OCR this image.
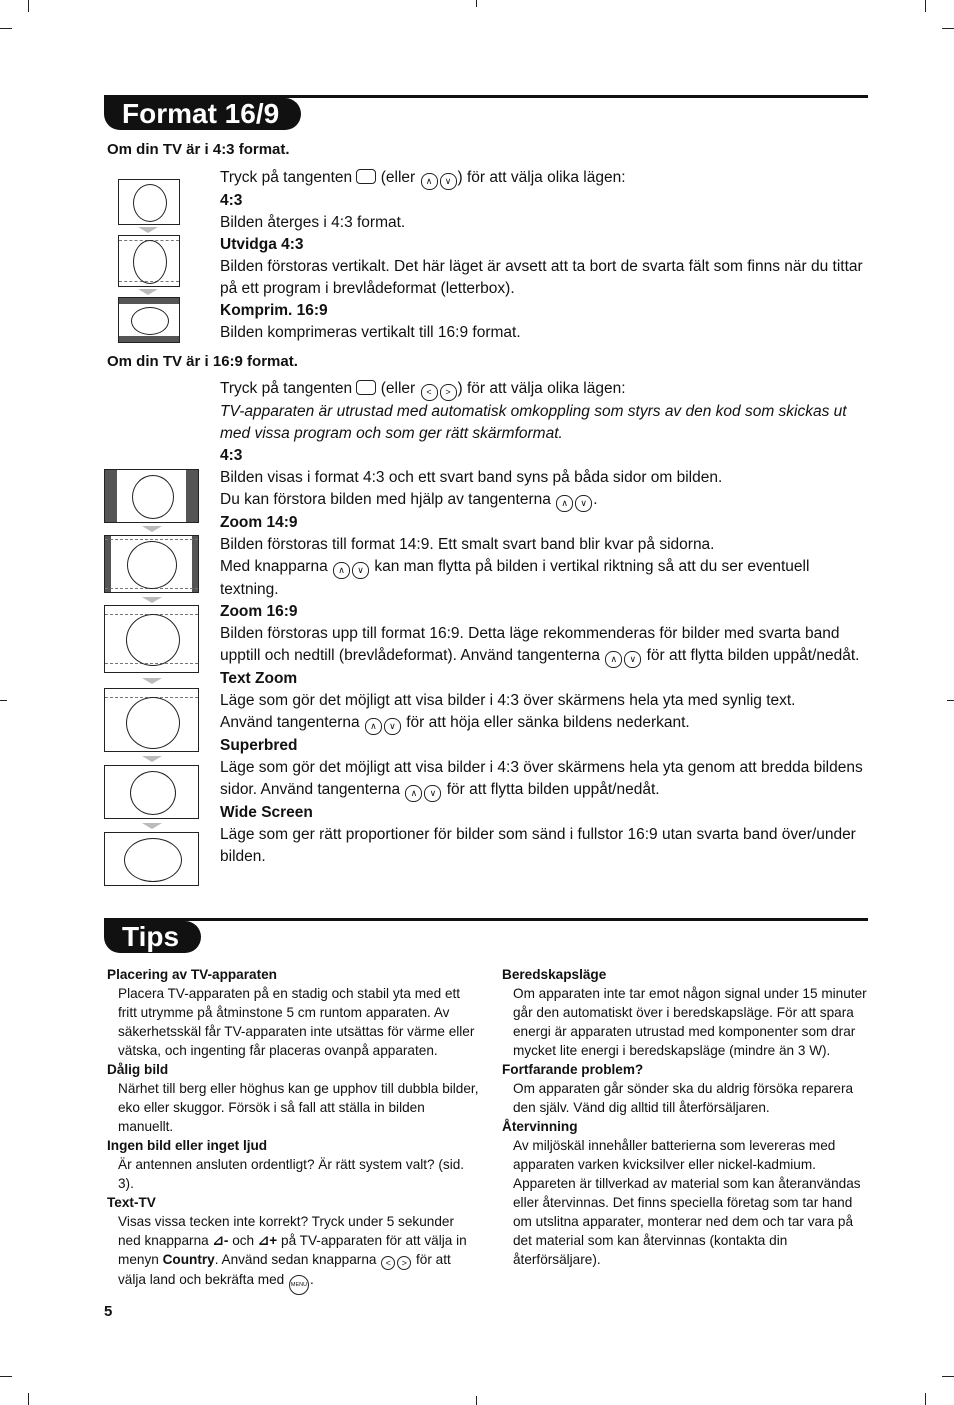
Format 16/9
Om din TV är i 4:3 format.

Tryck på tangenten (eller ∧ ∨ ) för att välja olika lägen:

4:3

Bilden återges i 4:3 format.

Utvidga 4:3

Bilden förstoras vertikalt. Det här läget är avsett att ta bort de svarta fält som finns när du tittar på ett program i brevlådeformat (letterbox).

Komprim. 16:9

Bilden komprimeras vertikalt till 16:9 format.

Om din TV är i 16:9 format.

Tryck på tangenten (eller < > ) för att välja olika lägen:

TV-apparaten är utrustad med automatisk omkoppling som styrs av den kod som skickas ut med vissa program och som ger rätt skärmformat.

4:3

Bilden visas i format 4:3 och ett svart band syns på båda sidor om bilden.

Du kan förstora bilden med hjälp av tangenterna ∧ ∨ .

Zoom 14:9

Bilden förstoras till format 14:9. Ett smalt svart band blir kvar på sidorna.

Med knapparna ∧ ∨ kan man flytta på bilden i vertikal riktning så att du ser eventuell textning.

Zoom 16:9

Bilden förstoras upp till format 16:9. Detta läge rekommenderas för bilder med svarta band upptill och nedtill (brevlådeformat). Använd tangenterna ∧ ∨ för att flytta bilden uppåt/nedåt.

Text Zoom

Läge som gör det möjligt att visa bilder i 4:3 över skärmens hela yta med synlig text.

Använd tangenterna ∧ ∨ för att höja eller sänka bildens nederkant.

Superbred

Läge som gör det möjligt att visa bilder i 4:3 över skärmens hela yta genom att bredda bildens sidor. Använd tangenterna ∧ ∨ för att flytta bilden uppåt/nedåt.

Wide Screen

Läge som ger rätt proportioner för bilder som sänd i fullstor 16:9 utan svarta band över/under bilden.

Tips
Placering av TV-apparaten
Placera TV-apparaten på en stadig och stabil yta med ett fritt utrymme på åtminstone 5 cm runtom apparaten. Av säkerhetsskäl får TV-apparaten inte utsättas för värme eller vätska, och ingenting får placeras ovanpå apparaten.
Dålig bild
Närhet till berg eller höghus kan ge upphov till dubbla bilder, eko eller skuggor. Försök i så fall att ställa in bilden manuellt.
Ingen bild eller inget ljud
Är antennen ansluten ordentligt? Är rätt system valt? (sid. 3).
Text-TV
Visas vissa tecken inte korrekt? Tryck under 5 sekunder ned knapparna ⊿- och ⊿+ på TV-apparaten för att välja in menyn Country. Använd sedan knapparna < > för att välja land och bekräfta med MENU .
Beredskapsläge
Om apparaten inte tar emot någon signal under 15 minuter går den automatiskt över i beredskapsläge. För att spara energi är apparaten utrustad med komponenter som drar mycket lite energi i beredskapsläge (mindre än 3 W).
Fortfarande problem?
Om apparaten går sönder ska du aldrig försöka reparera den själv. Vänd dig alltid till återförsäljaren.
Återvinning
Av miljöskäl innehåller batterierna som levereras med apparaten varken kvicksilver eller nickel-kadmium. Appareten är tillverkad av material som kan återanvändas eller återvinnas. Det finns speciella företag som tar hand om utslitna apparater, monterar ned dem och tar vara på det material som kan återvinnas (kontakta din återförsäljare).
5
